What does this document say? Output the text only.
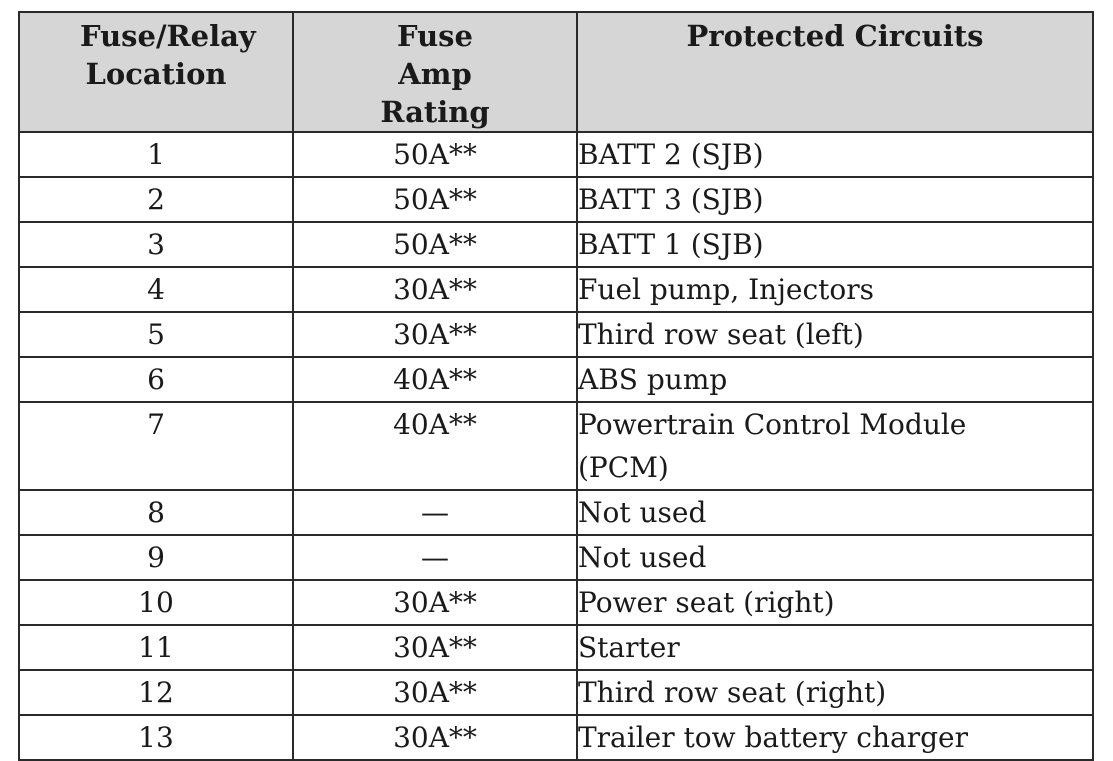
Fuse/Relay Location	Fuse Amp Rating	Protected Circuits
1	50A**	BATT 2 (SJB)
2	50A**	BATT 3 (SJB)
3	50A**	BATT 1 (SJB)
4	30A**	Fuel pump, Injectors
5	30A**	Third row seat (left)
6	40A**	ABS pump
7	40A**	Powertrain Control Module (PCM)
8	—	Not used
9	—	Not used
10	30A**	Power seat (right)
11	30A**	Starter
12	30A**	Third row seat (right)
13	30A**	Trailer tow battery charger
